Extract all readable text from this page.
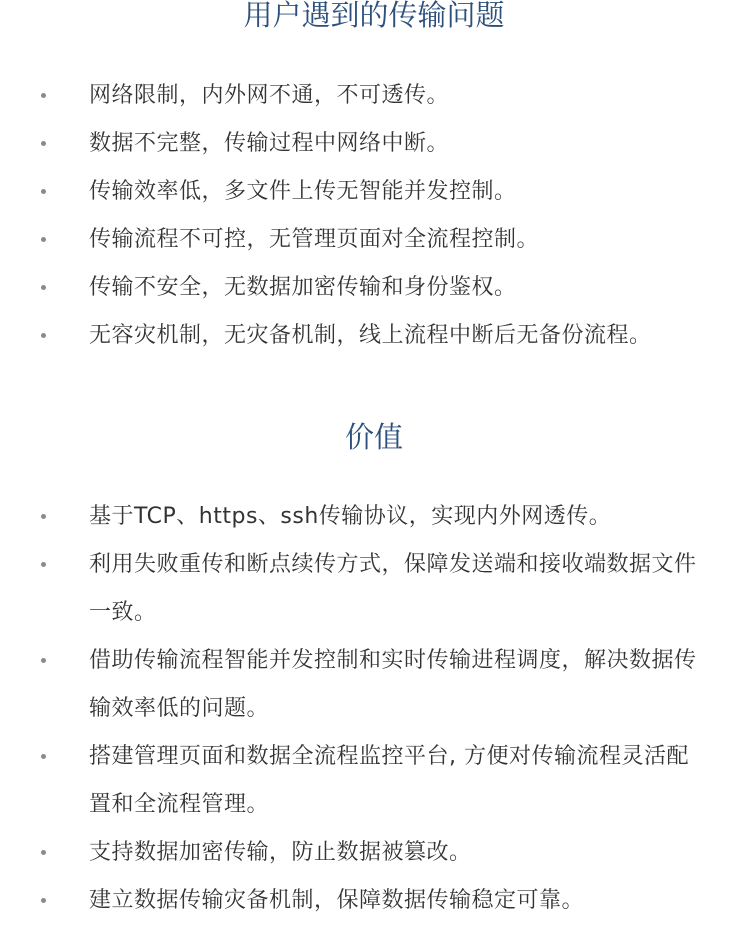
用户遇到的传输问题
网络限制，内外网不通，不可透传。
数据不完整，传输过程中网络中断。
传输效率低，多文件上传无智能并发控制。
传输流程不可控，无管理页面对全流程控制。
传输不安全，无数据加密传输和身份鉴权。
无容灾机制，无灾备机制，线上流程中断后无备份流程。
价值
基于TCP、https、ssh传输协议，实现内外网透传。
利用失败重传和断点续传方式，保障发送端和接收端数据文件一致。
借助传输流程智能并发控制和实时传输进程调度，解决数据传输效率低的问题。
搭建管理页面和数据全流程监控平台, 方便对传输流程灵活配置和全流程管理。
支持数据加密传输，防止数据被篡改。
建立数据传输灾备机制，保障数据传输稳定可靠。
